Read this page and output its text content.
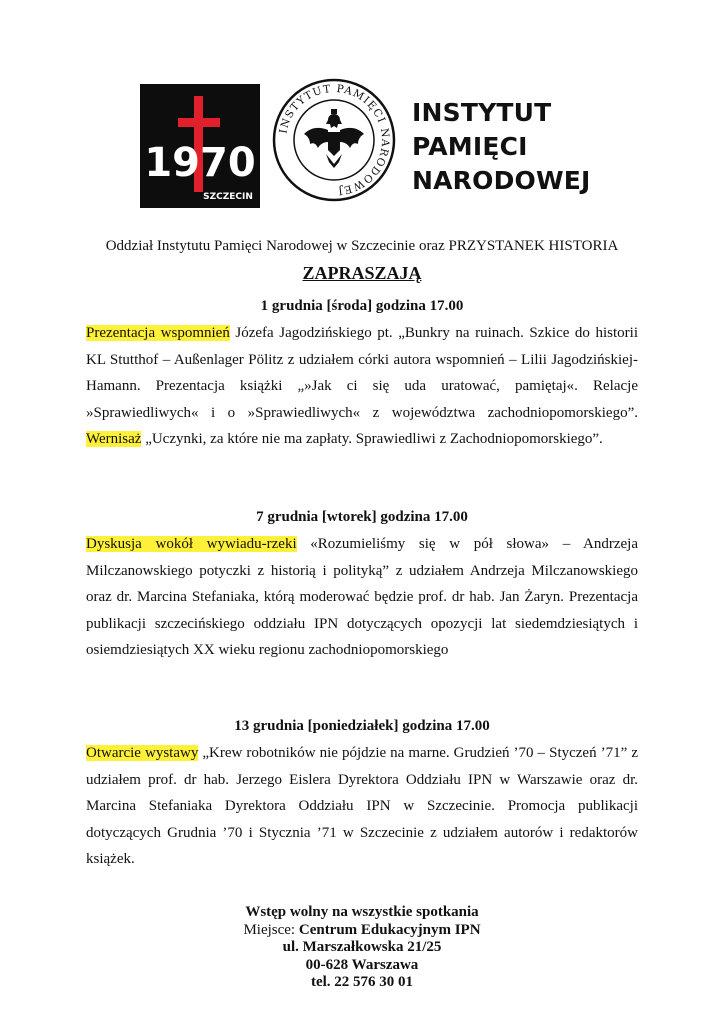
1970
SZCZECIN
INSTYTUT PAMIĘCI NARODOWEJ
INSTYTUT
PAMIĘCI
NARODOWEJ
Oddział Instytutu Pamięci Narodowej w Szczecinie oraz PRZYSTANEK HISTORIA
ZAPRASZAJĄ
1 grudnia [środa] godzina 17.00
Prezentacja wspomnień Józefa Jagodzińskiego pt. „Bunkry na ruinach. Szkice do historii KL Stutthof – Außenlager Pölitz z udziałem córki autora wspomnień – Lilii Jagodzińskiej-Hamann. Prezentacja książki „»Jak ci się uda uratować, pamiętaj«. Relacje »Sprawiedliwych« i o »Sprawiedliwych« z województwa zachodniopomorskiego”. Wernisaż „Uczynki, za które nie ma zapłaty. Sprawiedliwi z Zachodniopomorskiego”.
7 grudnia [wtorek] godzina 17.00
Dyskusja wokół wywiadu-rzeki «Rozumieliśmy się w pół słowa» – Andrzeja Milczanowskiego potyczki z historią i polityką” z udziałem Andrzeja Milczanowskiego oraz dr. Marcina Stefaniaka, którą moderować będzie prof. dr hab. Jan Żaryn. Prezentacja publikacji szczecińskiego oddziału IPN dotyczących opozycji lat siedemdziesiątych i osiemdziesiątych XX wieku regionu zachodniopomorskiego
13 grudnia [poniedziałek] godzina 17.00
Otwarcie wystawy „Krew robotników nie pójdzie na marne. Grudzień ’70 – Styczeń ’71” z udziałem prof. dr hab. Jerzego Eislera Dyrektora Oddziału IPN w Warszawie oraz dr. Marcina Stefaniaka Dyrektora Oddziału IPN w Szczecinie. Promocja publikacji dotyczących Grudnia ’70 i Stycznia ’71 w Szczecinie z udziałem autorów i redaktorów książek.
Wstęp wolny na wszystkie spotkania
Miejsce: Centrum Edukacyjnym IPN
ul. Marszałkowska 21/25
00-628 Warszawa
tel. 22 576 30 01
